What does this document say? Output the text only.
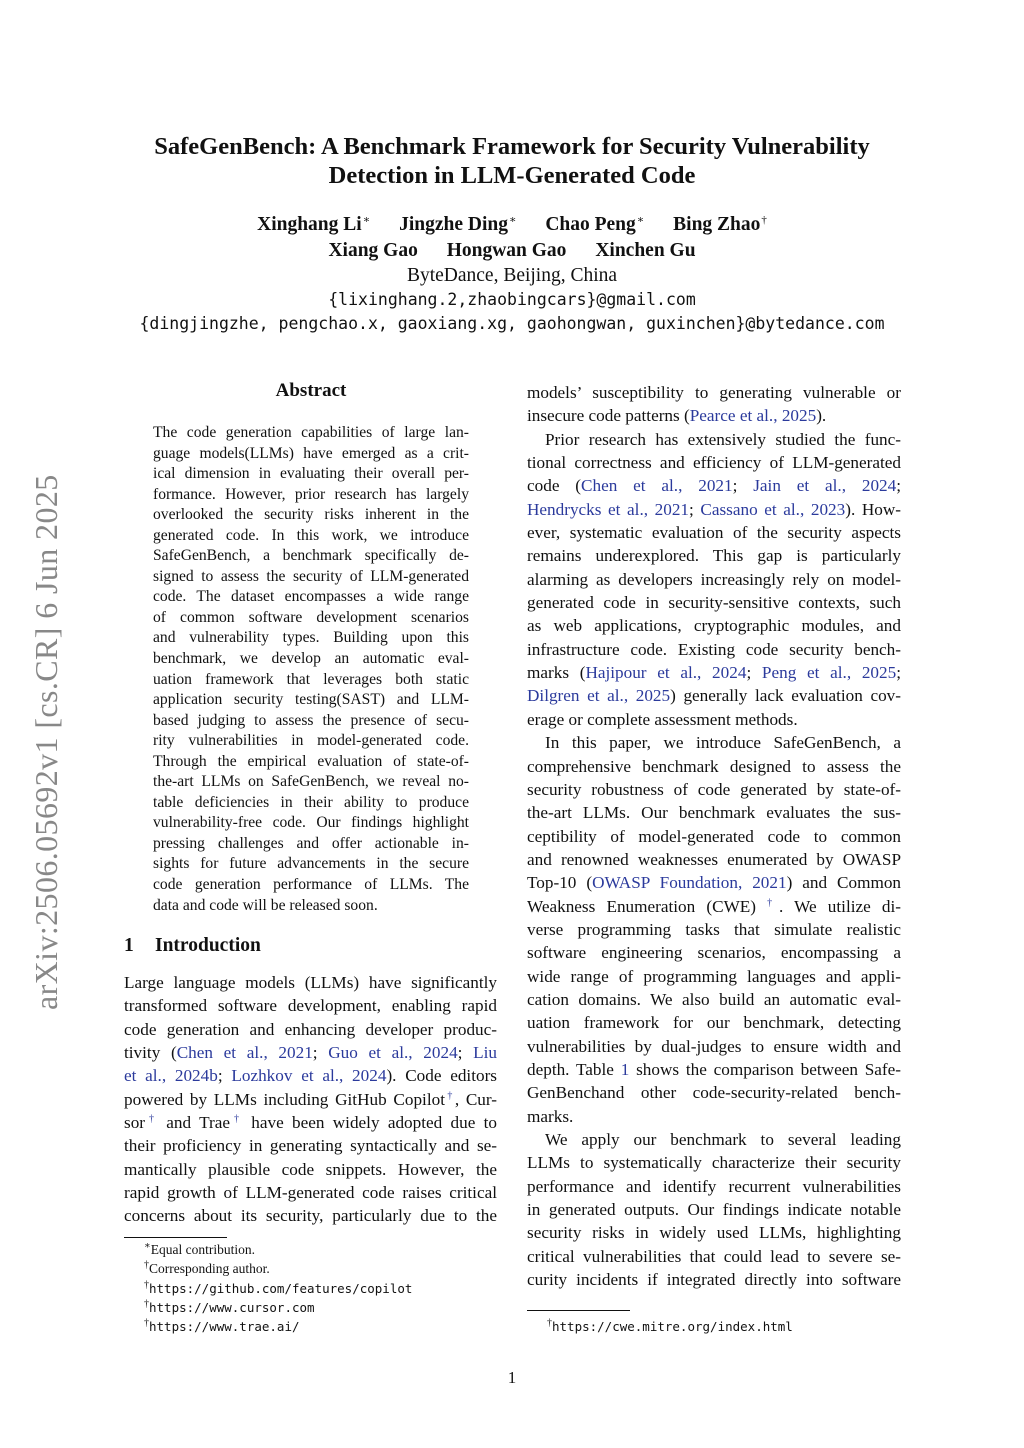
SafeGenBench: A Benchmark Framework for Security Vulnerability
Detection in LLM-Generated Code
Xinghang Li∗ Jingzhe Ding∗ Chao Peng∗ Bing Zhao†
Xiang Gao Hongwan Gao Xinchen Gu
ByteDance, Beijing, China
{lixinghang.2,zhaobingcars}@gmail.com
{dingjingzhe, pengchao.x, gaoxiang.xg, gaohongwan, guxinchen}@bytedance.com
arXiv:2506.05692v1 [cs.CR] 6 Jun 2025
Abstract
The code generation capabilities of large lan-
guage models(LLMs) have emerged as a crit-
ical dimension in evaluating their overall per-
formance. However, prior research has largely
overlooked the security risks inherent in the
generated code. In this work, we introduce
SafeGenBench, a benchmark specifically de-
signed to assess the security of LLM-generated
code. The dataset encompasses a wide range
of common software development scenarios
and vulnerability types. Building upon this
benchmark, we develop an automatic eval-
uation framework that leverages both static
application security testing(SAST) and LLM-
based judging to assess the presence of secu-
rity vulnerabilities in model-generated code.
Through the empirical evaluation of state-of-
the-art LLMs on SafeGenBench, we reveal no-
table deficiencies in their ability to produce
vulnerability-free code. Our findings highlight
pressing challenges and offer actionable in-
sights for future advancements in the secure
code generation performance of LLMs. The
data and code will be released soon.
1 Introduction
Large language models (LLMs) have significantly
transformed software development, enabling rapid
code generation and enhancing developer produc-
tivity (Chen et al., 2021; Guo et al., 2024; Liu
et al., 2024b; Lozhkov et al., 2024). Code editors
powered by LLMs including GitHub Copilot†, Cur-
sor† and Trae† have been widely adopted due to
their proficiency in generating syntactically and se-
mantically plausible code snippets. However, the
rapid growth of LLM-generated code raises critical
concerns about its security, particularly due to the
∗Equal contribution.
†Corresponding author.
†https://github.com/features/copilot
†https://www.cursor.com
†https://www.trae.ai/
models’ susceptibility to generating vulnerable or
insecure code patterns (Pearce et al., 2025).
Prior research has extensively studied the func-
tional correctness and efficiency of LLM-generated
code (Chen et al., 2021; Jain et al., 2024;
Hendrycks et al., 2021; Cassano et al., 2023). How-
ever, systematic evaluation of the security aspects
remains underexplored. This gap is particularly
alarming as developers increasingly rely on model-
generated code in security-sensitive contexts, such
as web applications, cryptographic modules, and
infrastructure code. Existing code security bench-
marks (Hajipour et al., 2024; Peng et al., 2025;
Dilgren et al., 2025) generally lack evaluation cov-
erage or complete assessment methods.
In this paper, we introduce SafeGenBench, a
comprehensive benchmark designed to assess the
security robustness of code generated by state-of-
the-art LLMs. Our benchmark evaluates the sus-
ceptibility of model-generated code to common
and renowned weaknesses enumerated by OWASP
Top-10 (OWASP Foundation, 2021) and Common
Weakness Enumeration (CWE) †. We utilize di-
verse programming tasks that simulate realistic
software engineering scenarios, encompassing a
wide range of programming languages and appli-
cation domains. We also build an automatic eval-
uation framework for our benchmark, detecting
vulnerabilities by dual-judges to ensure width and
depth. Table 1 shows the comparison between Safe-
GenBenchand other code-security-related bench-
marks.
We apply our benchmark to several leading
LLMs to systematically characterize their security
performance and identify recurrent vulnerabilities
in generated outputs. Our findings indicate notable
security risks in widely used LLMs, highlighting
critical vulnerabilities that could lead to severe se-
curity incidents if integrated directly into software
†https://cwe.mitre.org/index.html
1
